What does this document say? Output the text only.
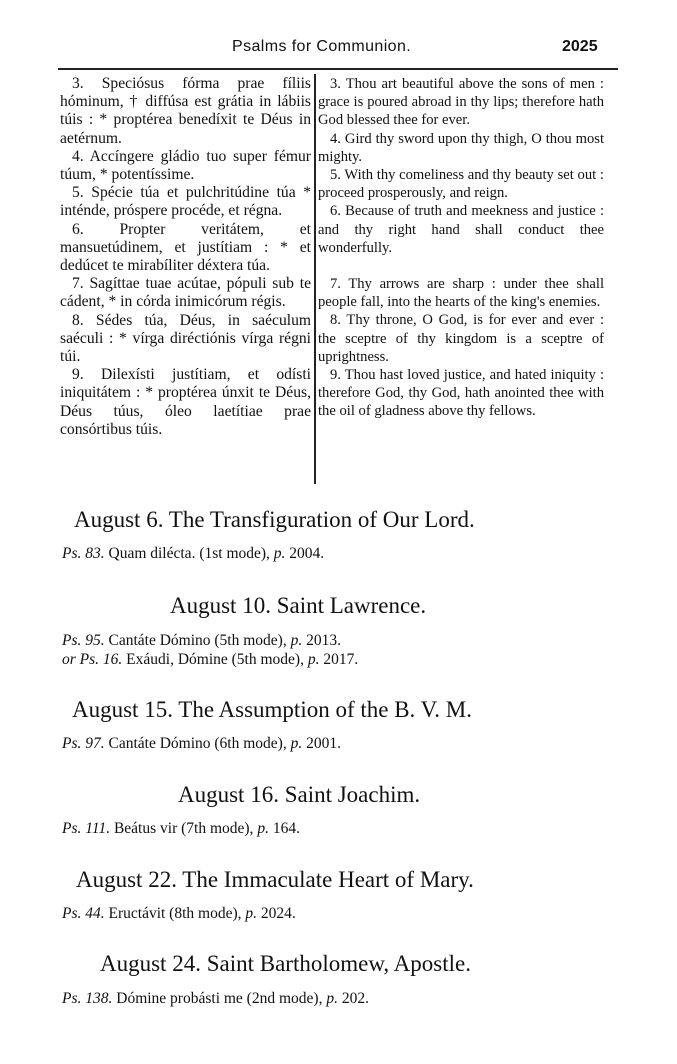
Psalms for Communion.	2025

3. Speciósus fórma prae fíliis hóminum, † diffúsa est grátia in lábiis túis : * proptérea benedíxit te Déus in aetérnum.

4. Accíngere gládio tuo super fémur túum, * potentíssime.

5. Spécie túa et pulchritúdine túa * inténde, próspere procéde, et régna.

6. Propter veritátem, et mansuetúdinem, et justítiam : * et dedúcet te mirabíliter déxtera túa.

7. Sagíttae tuae acútae, pópuli sub te cádent, * in córda inimicórum régis.

8. Sédes túa, Déus, in saéculum saéculi : * vírga diréctiónis vírga régni túi.

9. Dilexísti justítiam, et odísti iniquitátem : * proptérea únxit te Déus, Déus túus, óleo laetítiae prae consórtibus túis.

3. Thou art beautiful above the sons of men : grace is poured abroad in thy lips; therefore hath God blessed thee for ever.

4. Gird thy sword upon thy thigh, O thou most mighty.

5. With thy comeliness and thy beauty set out : proceed prosperously, and reign.

6. Because of truth and meekness and justice : and thy right hand shall conduct thee wonderfully.

7. Thy arrows are sharp : under thee shall people fall, into the hearts of the king's enemies.

8. Thy throne, O God, is for ever and ever : the sceptre of thy kingdom is a sceptre of uprightness.

9. Thou hast loved justice, and hated iniquity : therefore God, thy God, hath anointed thee with the oil of gladness above thy fellows.

August 6. The Transfiguration of Our Lord.
Ps. 83. Quam diléctа. (1st mode), p. 2004.
August 10. Saint Lawrence.
Ps. 95. Cantáte Dómino (5th mode), p. 2013.
or Ps. 16. Exáudi, Dómine (5th mode), p. 2017.
August 15. The Assumption of the B. V. M.
Ps. 97. Cantáte Dómino (6th mode), p. 2001.
August 16. Saint Joachim.
Ps. 111. Beátus vir (7th mode), p. 164.
August 22. The Immaculate Heart of Mary.
Ps. 44. Eructávit (8th mode), p. 2024.
August 24. Saint Bartholomew, Apostle.
Ps. 138. Dómine probásti me (2nd mode), p. 202.
